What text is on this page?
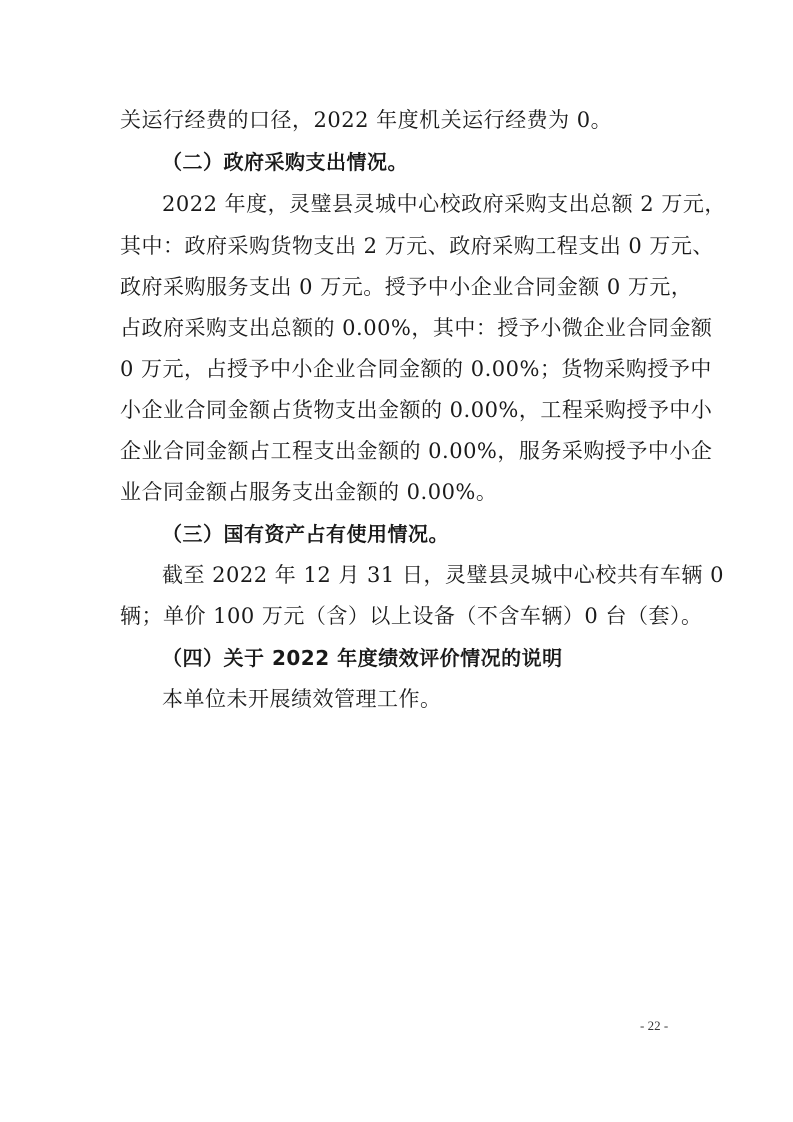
关运行经费的口径，2022 年度机关运行经费为 0。
（二）政府采购支出情况。
2022 年度，灵璧县灵城中心校政府采购支出总额 2 万元，
其中：政府采购货物支出 2 万元、政府采购工程支出 0 万元、
政府采购服务支出 0 万元。授予中小企业合同金额 0 万元，
占政府采购支出总额的 0.00%，其中：授予小微企业合同金额
0 万元，占授予中小企业合同金额的 0.00%；货物采购授予中
小企业合同金额占货物支出金额的 0.00%，工程采购授予中小
企业合同金额占工程支出金额的 0.00%，服务采购授予中小企
业合同金额占服务支出金额的 0.00%。
（三）国有资产占有使用情况。
截至 2022 年 12 月 31 日，灵璧县灵城中心校共有车辆 0
辆；单价 100 万元（含）以上设备（不含车辆）0 台（套）。
（四）关于 2022 年度绩效评价情况的说明
本单位未开展绩效管理工作。
- 22 -
